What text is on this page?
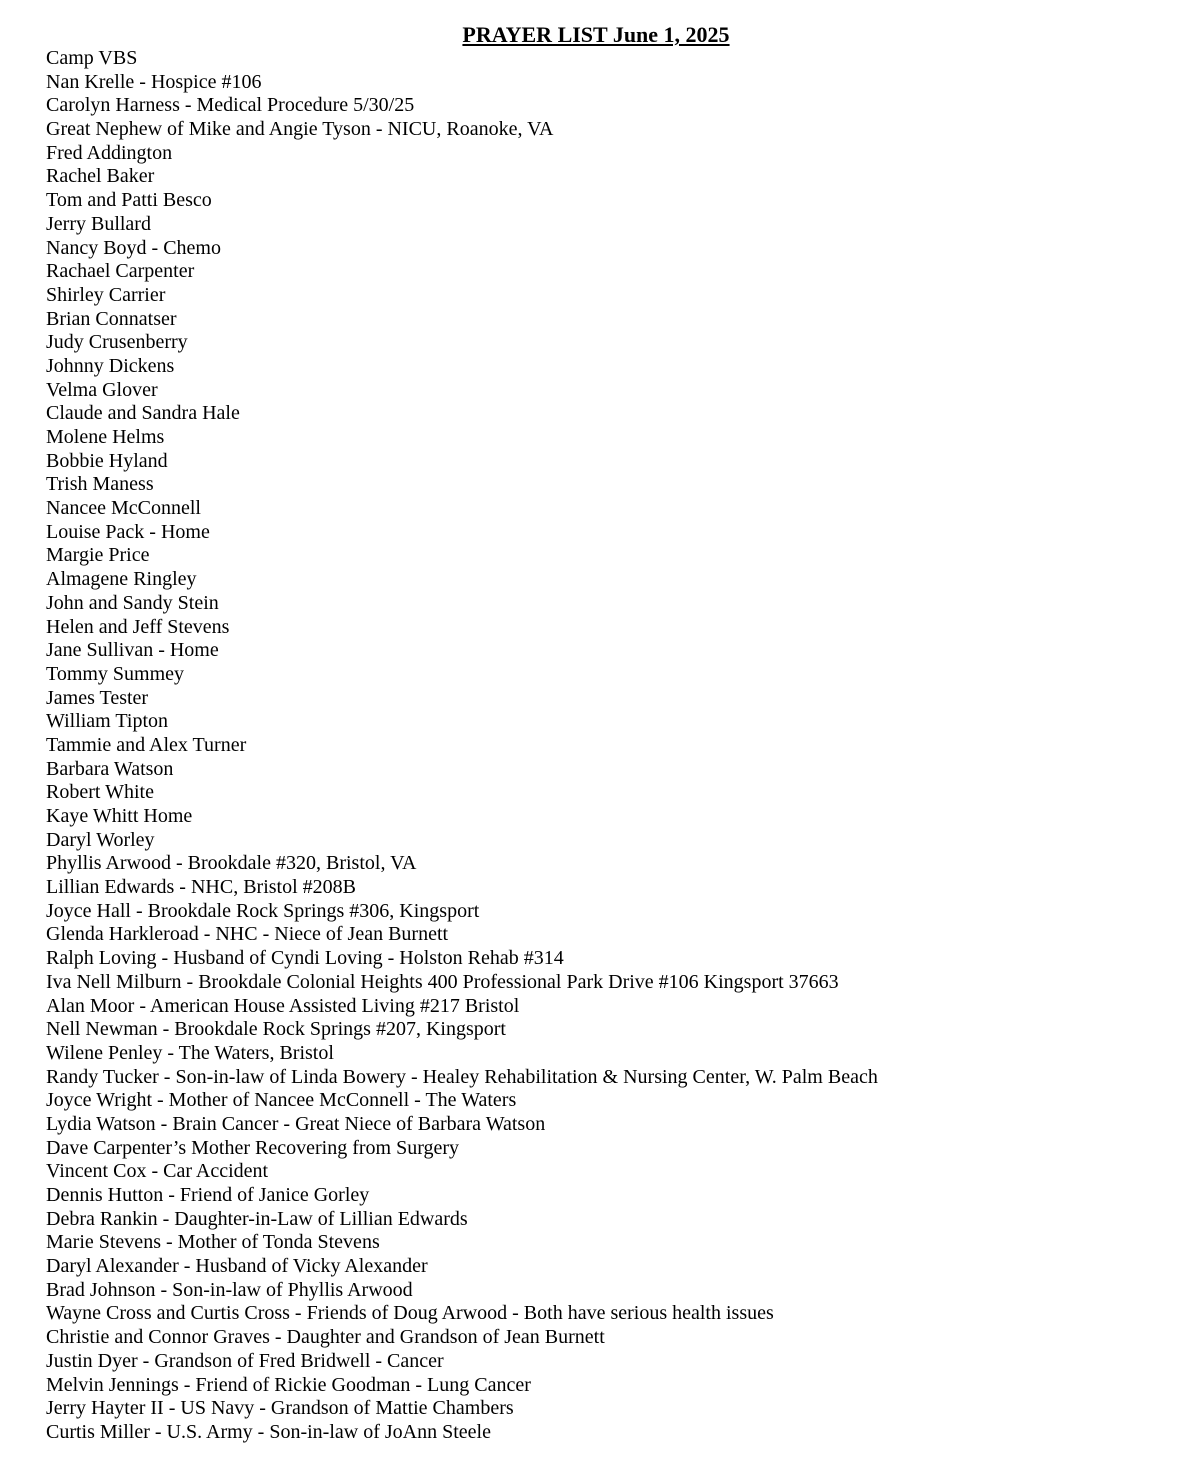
PRAYER LIST June 1, 2025
Camp VBS
Nan Krelle - Hospice #106
Carolyn Harness - Medical Procedure 5/30/25
Great Nephew of Mike and Angie Tyson - NICU, Roanoke, VA
Fred Addington
Rachel Baker
Tom and Patti Besco
Jerry Bullard
Nancy Boyd - Chemo
Rachael Carpenter
Shirley Carrier
Brian Connatser
Judy Crusenberry
Johnny Dickens
Velma Glover
Claude and Sandra Hale
Molene Helms
Bobbie Hyland
Trish Maness
Nancee McConnell
Louise Pack - Home
Margie Price
Almagene Ringley
John and Sandy Stein
Helen and Jeff Stevens
Jane Sullivan - Home
Tommy Summey
James Tester
William Tipton
Tammie and Alex Turner
Barbara Watson
Robert White
Kaye Whitt Home
Daryl Worley
Phyllis Arwood - Brookdale #320, Bristol, VA
Lillian Edwards - NHC, Bristol #208B
Joyce Hall - Brookdale Rock Springs #306, Kingsport
Glenda Harkleroad - NHC - Niece of Jean Burnett
Ralph Loving - Husband of Cyndi Loving - Holston Rehab #314
Iva Nell Milburn - Brookdale Colonial Heights 400 Professional Park Drive #106 Kingsport 37663
Alan Moor - American House Assisted Living #217 Bristol
Nell Newman - Brookdale Rock Springs #207, Kingsport
Wilene Penley - The Waters, Bristol
Randy Tucker - Son-in-law of Linda Bowery - Healey Rehabilitation & Nursing Center, W. Palm Beach
Joyce Wright - Mother of Nancee McConnell - The Waters
Lydia Watson - Brain Cancer - Great Niece of Barbara Watson
Dave Carpenter’s Mother Recovering from Surgery
Vincent Cox - Car Accident
Dennis Hutton - Friend of Janice Gorley
Debra Rankin - Daughter-in-Law of Lillian Edwards
Marie Stevens - Mother of Tonda Stevens
Daryl Alexander - Husband of Vicky Alexander
Brad Johnson - Son-in-law of Phyllis Arwood
Wayne Cross and Curtis Cross - Friends of Doug Arwood - Both have serious health issues
Christie and Connor Graves - Daughter and Grandson of Jean Burnett
Justin Dyer - Grandson of Fred Bridwell - Cancer
Melvin Jennings - Friend of Rickie Goodman - Lung Cancer
Jerry Hayter II - US Navy - Grandson of Mattie Chambers
Curtis Miller - U.S. Army - Son-in-law of JoAnn Steele
